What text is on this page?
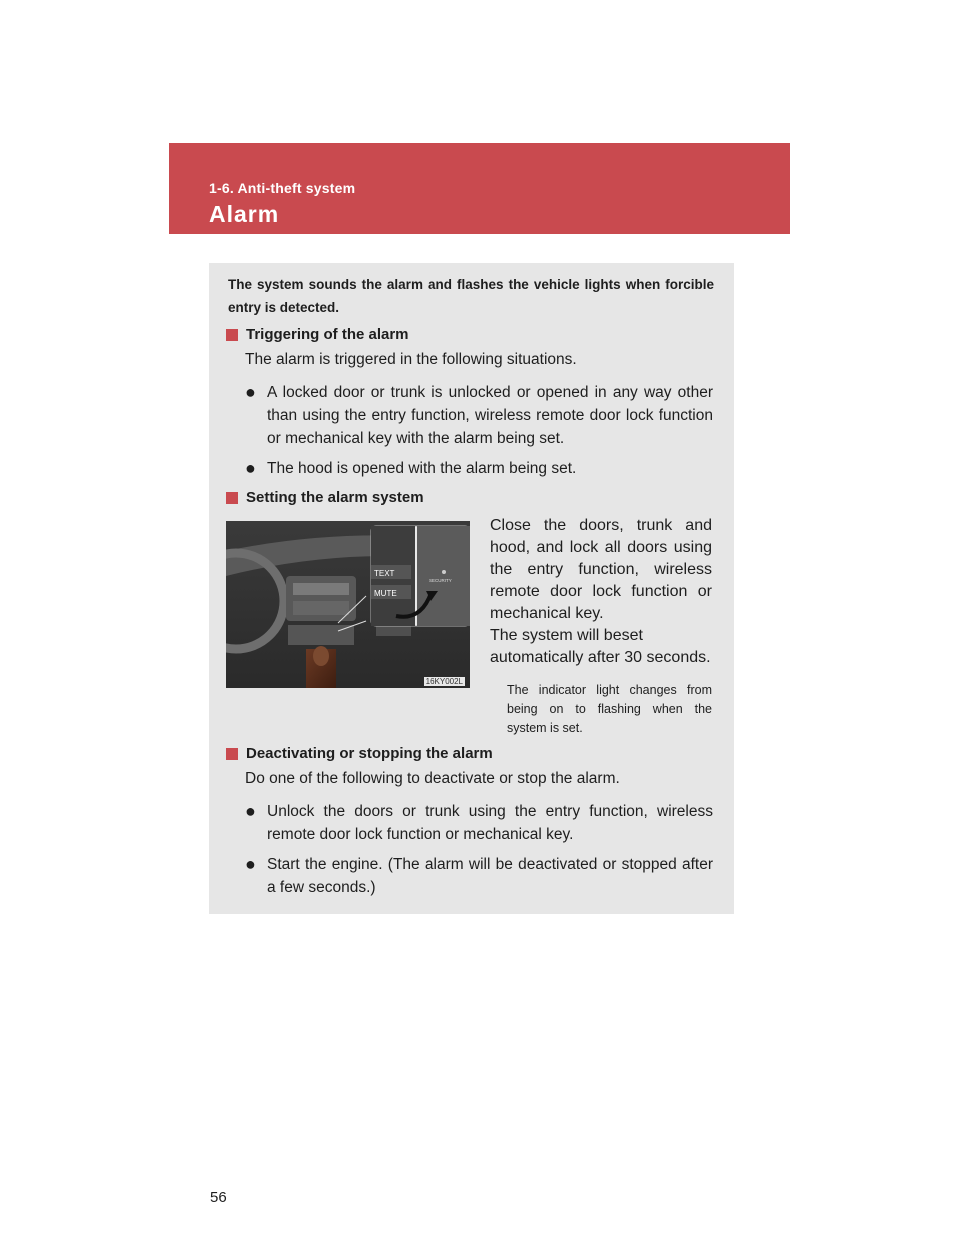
1-6. Anti-theft system
Alarm
The system sounds the alarm and flashes the vehicle lights when forcible entry is detected.
Triggering of the alarm
The alarm is triggered in the following situations.
● A locked door or trunk is unlocked or opened in any way other than using the entry function, wireless remote door lock function or mechanical key with the alarm being set.
● The hood is opened with the alarm being set.
Setting the alarm system
TEXT
MUTE
SECURITY
16KY002L
Close the doors, trunk and hood, and lock all doors using the entry function, wireless remote door lock function or mechanical key.
The system will beset automatically after 30 seconds.
The indicator light changes from being on to flashing when the system is set.
Deactivating or stopping the alarm
Do one of the following to deactivate or stop the alarm.
● Unlock the doors or trunk using the entry function, wireless remote door lock function or mechanical key.
● Start the engine. (The alarm will be deactivated or stopped after a few seconds.)
56
